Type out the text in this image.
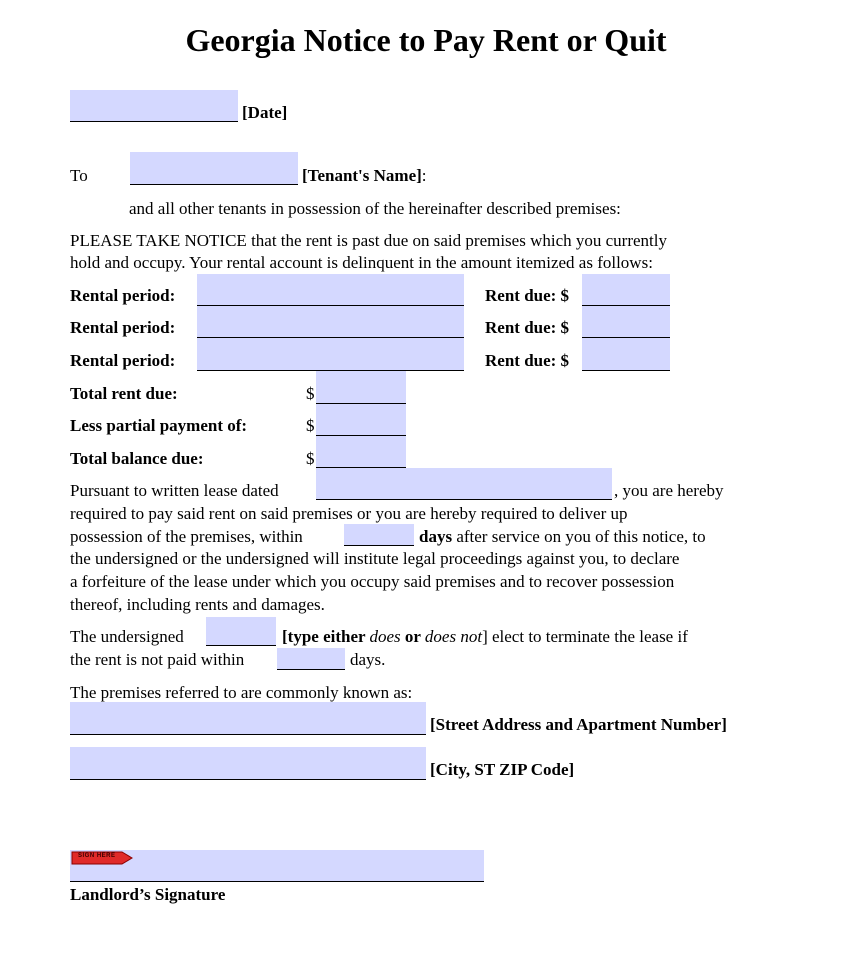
Georgia Notice to Pay Rent or Quit
[Date]
To	[Tenant's Name]:
and all other tenants in possession of the hereinafter described premises:
PLEASE TAKE NOTICE that the rent is past due on said premises which you currently
hold and occupy. Your rental account is delinquent in the amount itemized as follows:
Rental period:	Rent due: $
Rental period:	Rent due: $
Rental period:	Rent due: $
Total rent due:	$
Less partial payment of:	$
Total balance due:	$
Pursuant to written lease dated	, you are hereby
required to pay said rent on said premises or you are hereby required to deliver up
possession of the premises, within	days after service on you of this notice, to
the undersigned or the undersigned will institute legal proceedings against you, to declare
a forfeiture of the lease under which you occupy said premises and to recover possession
thereof, including rents and damages.
The undersigned	[type either does or does not] elect to terminate the lease if
the rent is not paid within	days.
The premises referred to are commonly known as:
[Street Address and Apartment Number]
[City, ST ZIP Code]
SIGN HERE
Landlord’s Signature
